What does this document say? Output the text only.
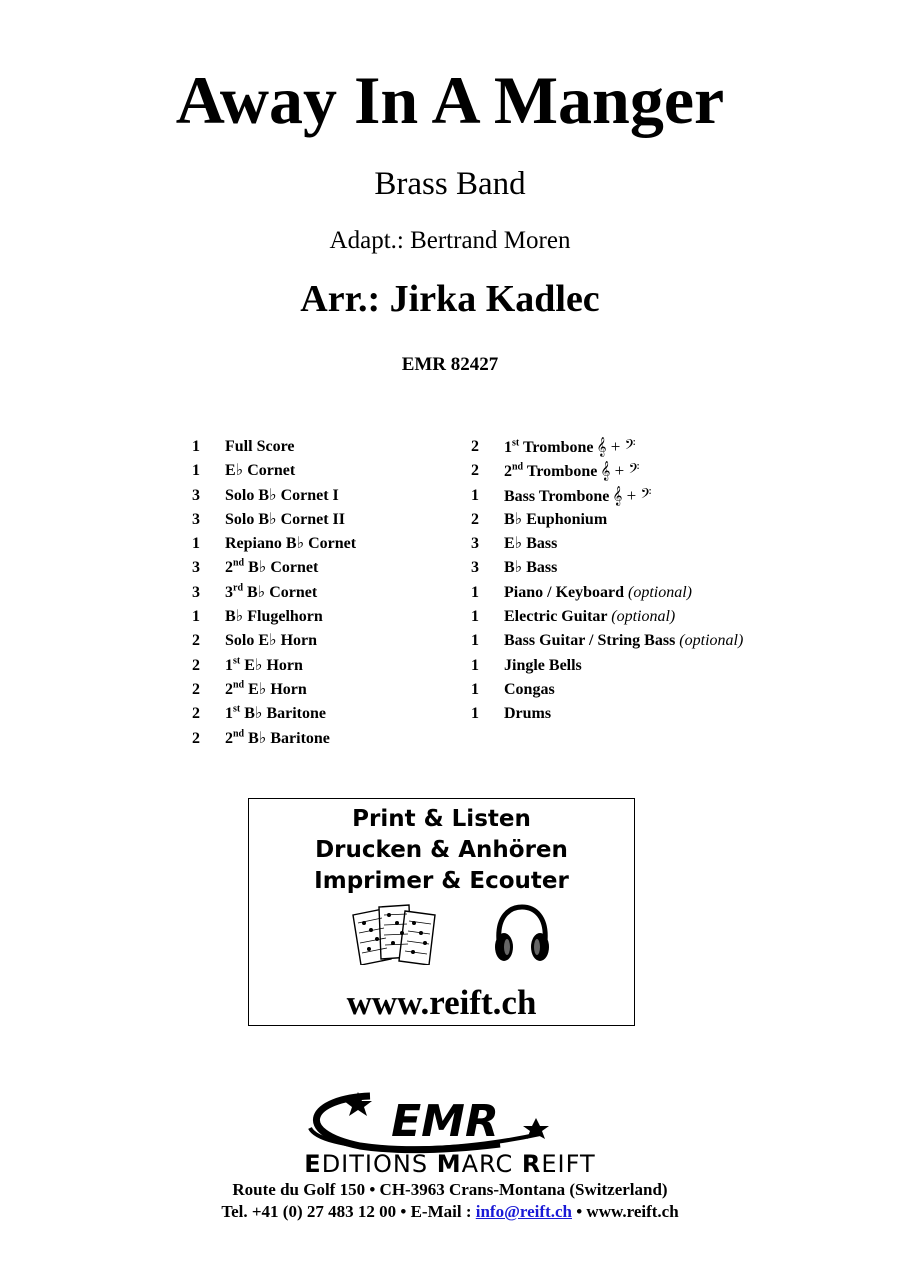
Away In A Manger
Brass Band
Adapt.: Bertrand Moren
Arr.: Jirka Kadlec
EMR 82427
1	Full Score
1	E♭ Cornet
3	Solo B♭ Cornet I
3	Solo B♭ Cornet II
1	Repiano B♭ Cornet
3	2nd B♭ Cornet
3	3rd B♭ Cornet
1	B♭ Flugelhorn
2	Solo E♭ Horn
2	1st E♭ Horn
2	2nd E♭ Horn
2	1st B♭ Baritone
2	2nd B♭ Baritone
2	1st Trombone 𝄞 + 𝄢
2	2nd Trombone 𝄞 + 𝄢
1	Bass Trombone 𝄞 + 𝄢
2	B♭ Euphonium
3	E♭ Bass
3	B♭ Bass
1	Piano / Keyboard (optional)
1	Electric Guitar (optional)
1	Bass Guitar / String Bass (optional)
1	Jingle Bells
1	Congas
1	Drums
Print & Listen
Drucken & Anhören
Imprimer & Ecouter
www.reift.ch
EMR
EDITIONS MARC REIFT
Route du Golf 150 • CH-3963 Crans-Montana (Switzerland)
Tel. +41 (0) 27 483 12 00 • E-Mail : info@reift.ch • www.reift.ch
